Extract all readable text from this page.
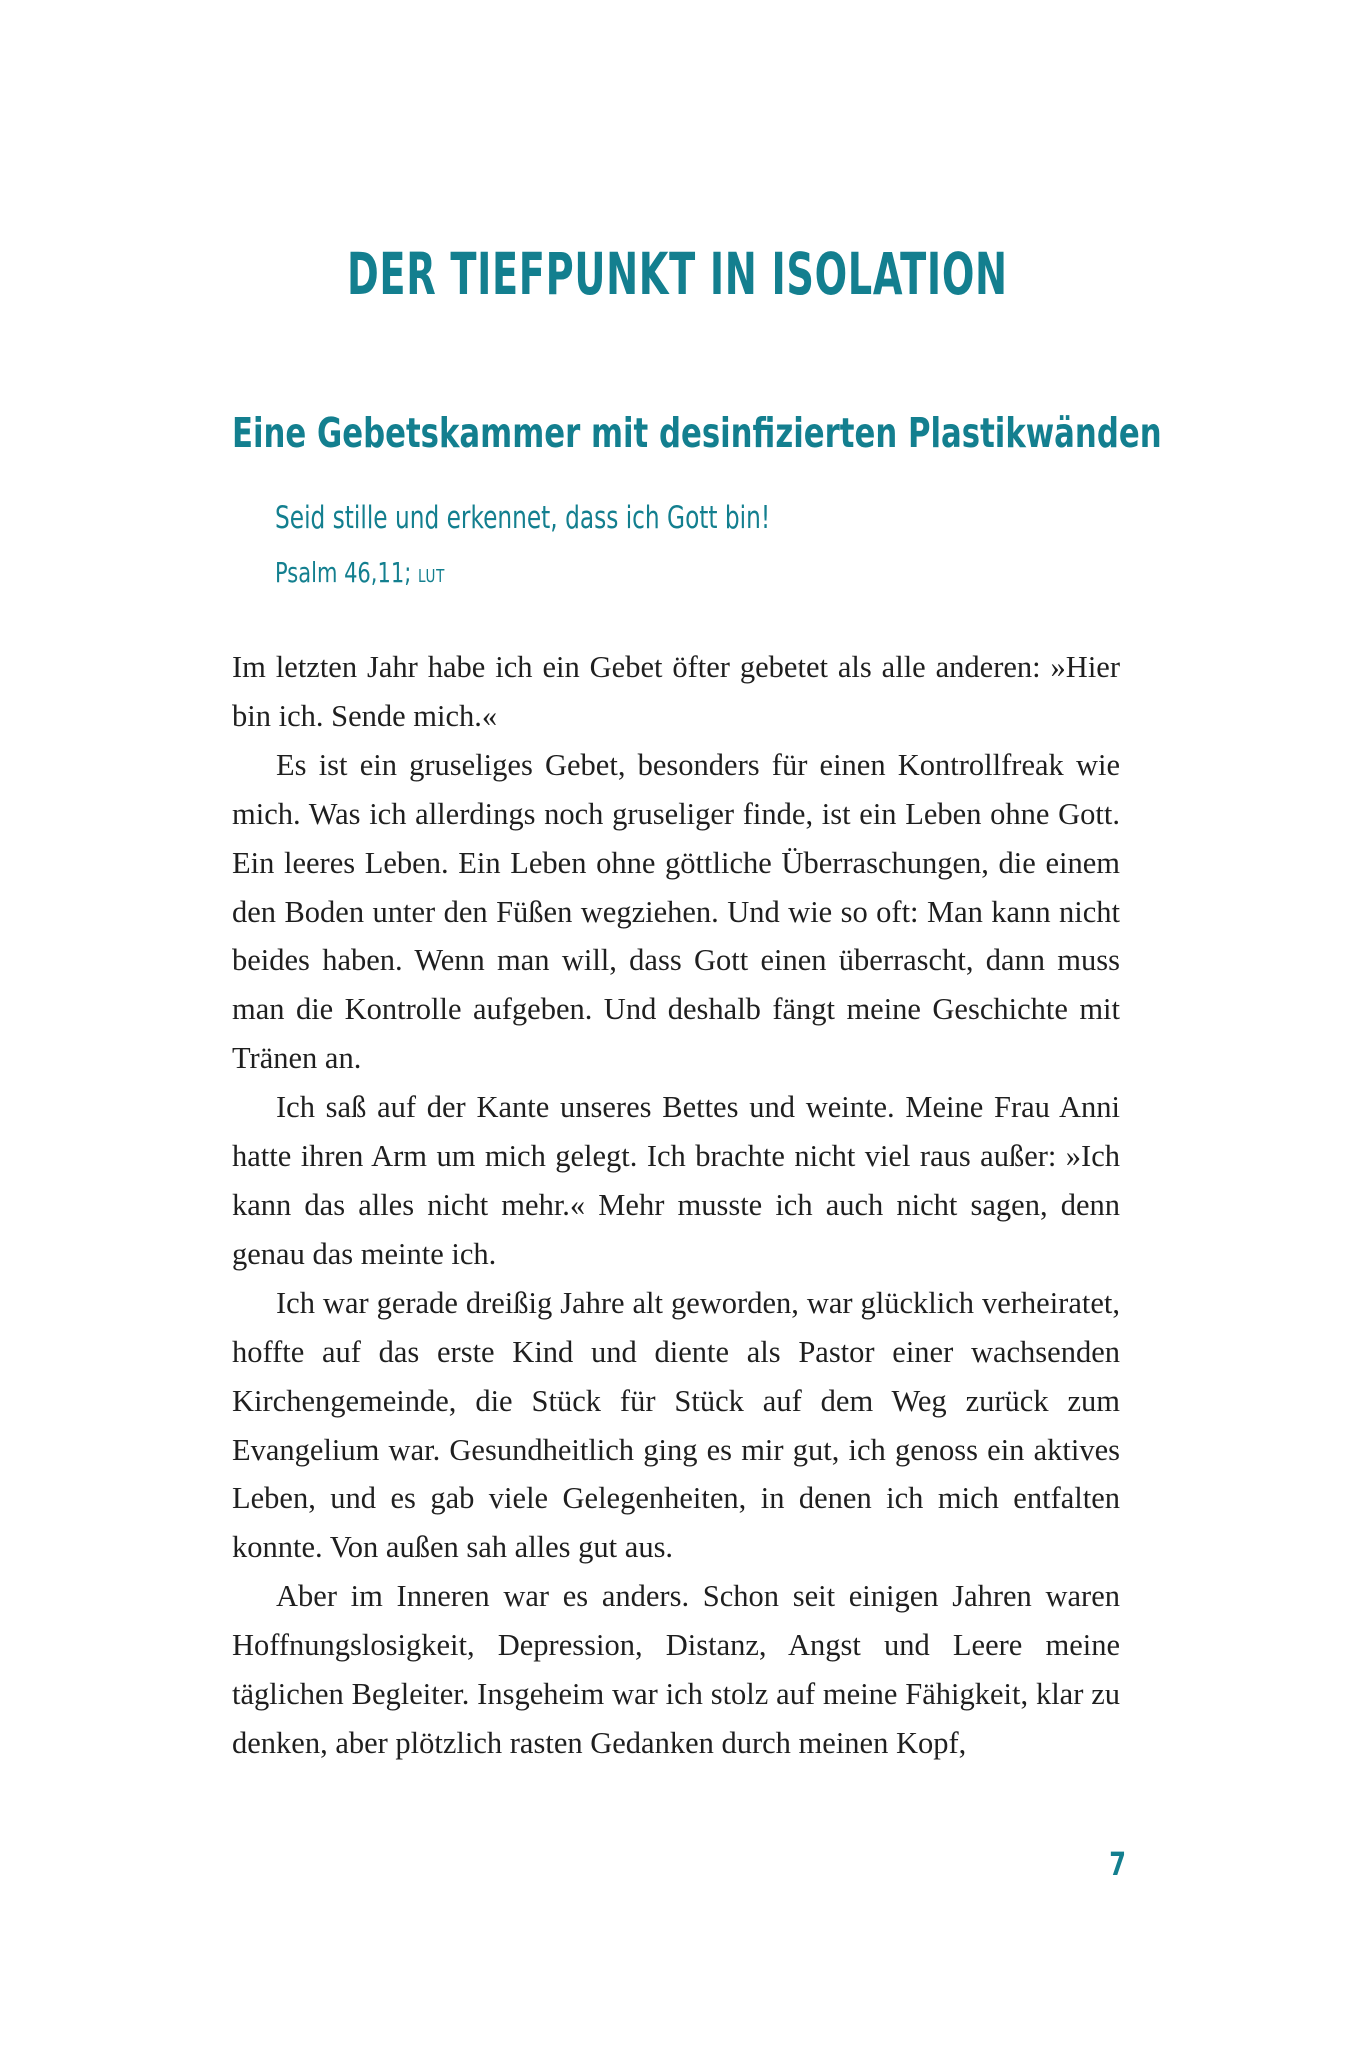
DER TIEFPUNKT IN ISOLATION
Eine Gebetskammer mit desinfizierten Plastikwänden
Seid stille und erkennet, dass ich Gott bin!
Psalm 46,11; LUT

Im letzten Jahr habe ich ein Gebet öfter gebetet als alle anderen: »Hier bin ich. Sende mich.«

Es ist ein gruseliges Gebet, besonders für einen Kontrollfreak wie mich. Was ich allerdings noch gruseliger finde, ist ein Leben ohne Gott. Ein leeres Leben. Ein Leben ohne göttliche Überraschungen, die einem den Boden unter den Füßen wegziehen. Und wie so oft: Man kann nicht beides haben. Wenn man will, dass Gott einen überrascht, dann muss man die Kontrolle aufgeben. Und deshalb fängt meine Geschichte mit Tränen an.

Ich saß auf der Kante unseres Bettes und weinte. Meine Frau Anni hatte ihren Arm um mich gelegt. Ich brachte nicht viel raus außer: »Ich kann das alles nicht mehr.« Mehr musste ich auch nicht sagen, denn genau das meinte ich.

Ich war gerade dreißig Jahre alt geworden, war glücklich verheiratet, hoffte auf das erste Kind und diente als Pastor einer wachsenden Kirchengemeinde, die Stück für Stück auf dem Weg zurück zum Evangelium war. Gesundheitlich ging es mir gut, ich genoss ein aktives Leben, und es gab viele Gelegenheiten, in denen ich mich entfalten konnte. Von außen sah alles gut aus.

Aber im Inneren war es anders. Schon seit einigen Jahren waren Hoffnungslosigkeit, Depression, Distanz, Angst und Leere meine täglichen Begleiter. Insgeheim war ich stolz auf meine Fähigkeit, klar zu denken, aber plötzlich rasten Gedanken durch meinen Kopf,

7
